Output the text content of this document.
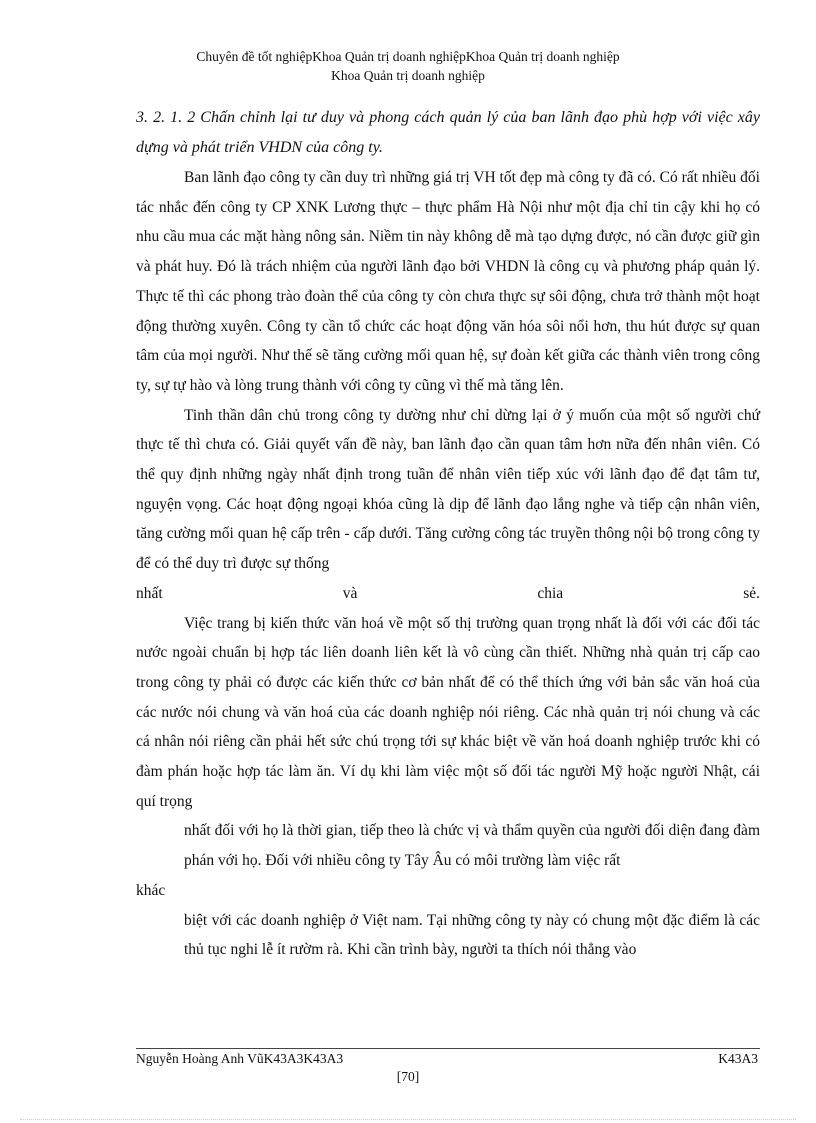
Chuyên đề tốt nghiệpKhoa Quản trị doanh nghiệpKhoa Quản trị doanh nghiệp
Khoa Quản trị doanh nghiệp
3. 2. 1. 2 Chấn chỉnh lại tư duy và phong cách quản lý của ban lãnh đạo phù hợp với việc xây dựng và phát triển VHDN của công ty.

Ban lãnh đạo công ty cần duy trì những giá trị VH tốt đẹp mà công ty đã có. Có rất nhiều đối tác nhắc đến công ty CP XNK Lương thực – thực phẩm Hà Nội như một địa chỉ tin cậy khi họ có nhu cầu mua các mặt hàng nông sản. Niềm tin này không dễ mà tạo dựng được, nó cần được giữ gìn và phát huy. Đó là trách nhiệm của người lãnh đạo bởi VHDN là công cụ và phương pháp quản lý. Thực tế thì các phong trào đoàn thể của công ty còn chưa thực sự sôi động, chưa trở thành một hoạt động thường xuyên. Công ty cần tổ chức các hoạt động văn hóa sôi nổi hơn, thu hút được sự quan tâm của mọi người. Như thế sẽ tăng cường mối quan hệ, sự đoàn kết giữa các thành viên trong công ty, sự tự hào và lòng trung thành với công ty cũng vì thế mà tăng lên.

Tinh thần dân chủ trong công ty dường như chỉ dừng lại ở ý muốn của một số người chứ thực tế thì chưa có. Giải quyết vấn đề này, ban lãnh đạo cần quan tâm hơn nữa đến nhân viên. Có thể quy định những ngày nhất định trong tuần để nhân viên tiếp xúc với lãnh đạo để đạt tâm tư, nguyện vọng. Các hoạt động ngoại khóa cũng là dịp để lãnh đạo lắng nghe và tiếp cận nhân viên, tăng cường mối quan hệ cấp trên - cấp dưới. Tăng cường công tác truyền thông nội bộ trong công ty để có thể duy trì được sự thống

nhất và chia sẻ.

Việc trang bị kiến thức văn hoá về một số thị trường quan trọng nhất là đối với các đối tác nước ngoài chuẩn bị hợp tác liên doanh liên kết là vô cùng cần thiết. Những nhà quản trị cấp cao trong công ty phải có được các kiến thức cơ bản nhất để có thể thích ứng với bản sắc văn hoá của các nước nói chung và văn hoá của các doanh nghiệp nói riêng. Các nhà quản trị nói chung và các cá nhân nói riêng cần phải hết sức chú trọng tới sự khác biệt về văn hoá doanh nghiệp trước khi có đàm phán hoặc hợp tác làm ăn. Ví dụ khi làm việc một số đối tác người Mỹ hoặc người Nhật, cái quí trọng

nhất đối với họ là thời gian, tiếp theo là chức vị và thẩm quyền của người đối diện đang đàm phán với họ. Đối với nhiều công ty Tây Âu có môi trường làm việc rất

khác

biệt với các doanh nghiệp ở Việt nam. Tại những công ty này có chung một đặc điểm là các thủ tục nghi lễ ít rườm rà. Khi cần trình bày, người ta thích nói thẳng vào

Nguyễn Hoàng Anh VũK43A3K43A3	K43A3
[70]
